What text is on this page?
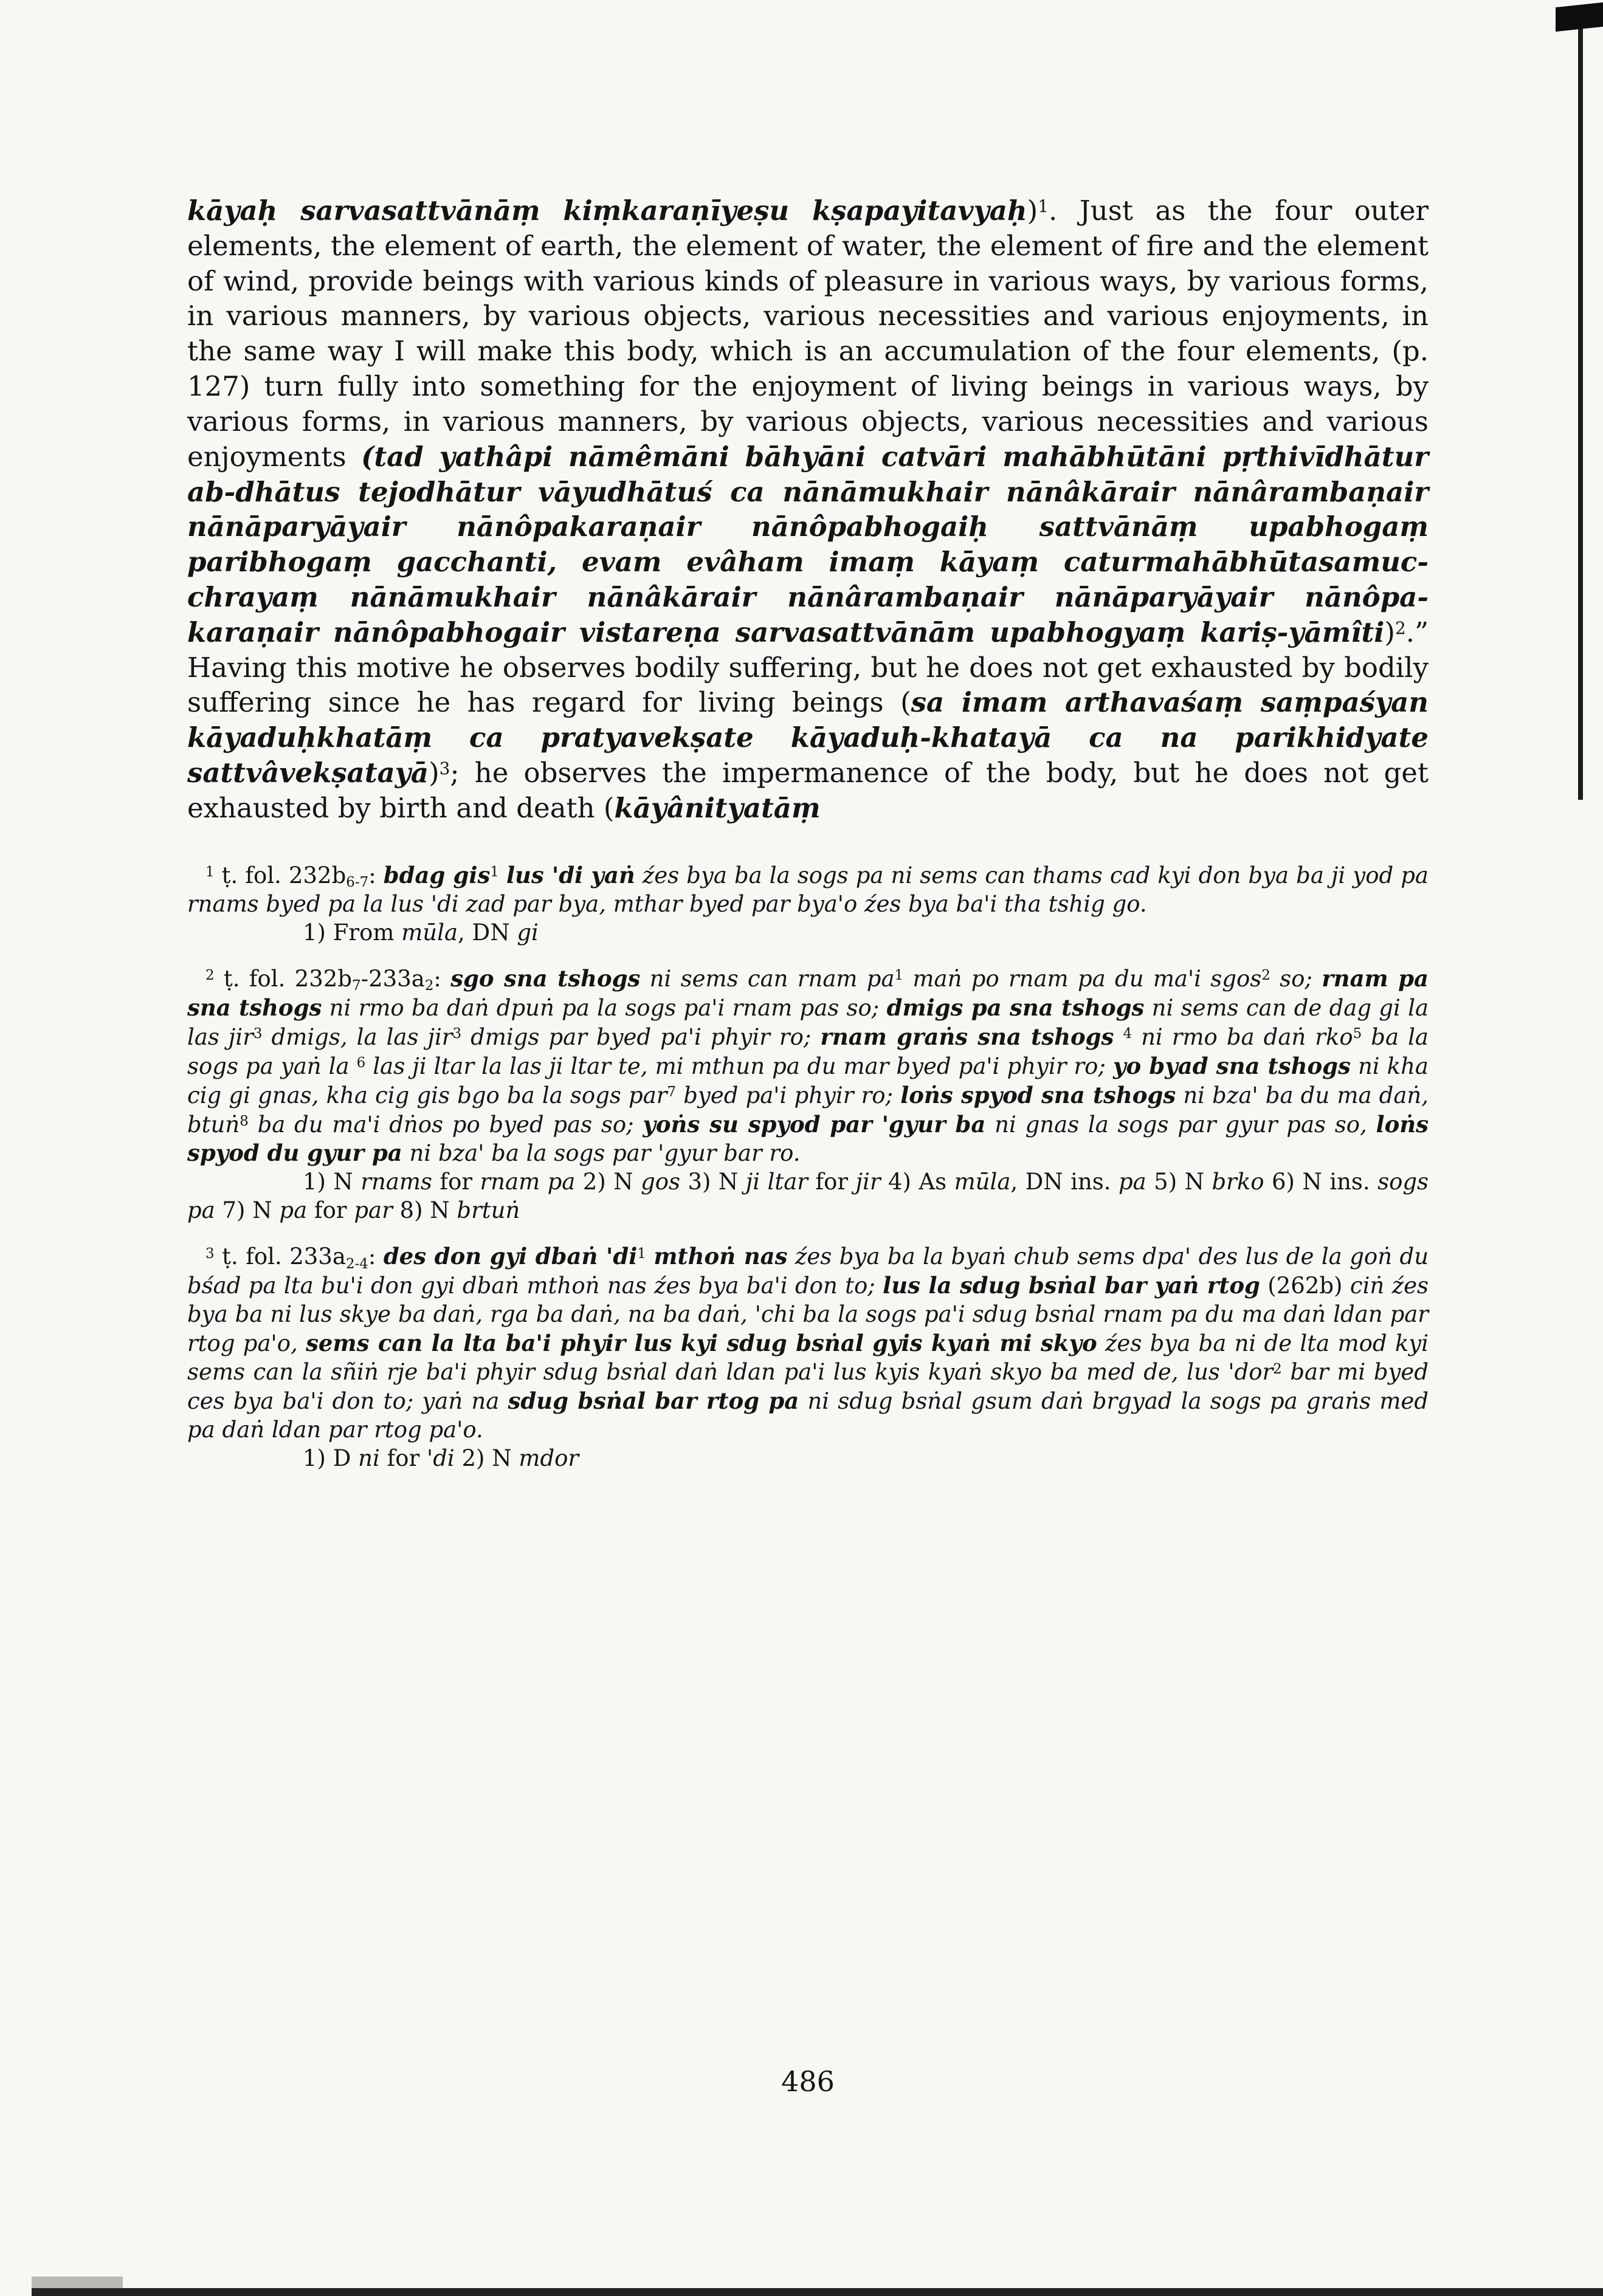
kāyaḥ sarvasattvānāṃ kiṃkaraṇīyeṣu kṣapayitavyaḥ)$^1$. Just as the four outer elements, the element of earth, the element of water, the element of fire and the element of wind, provide beings with various kinds of pleasure in various ways, by various forms, in various manners, by various objects, various necessities and various enjoyments, in the same way I will make this body, which is an accumulation of the four elements, (p. 127) turn fully into something for the enjoyment of living beings in various ways, by various forms, in various manners, by various objects, various necessities and various enjoyments (tad yathâpi nāmêmāni bāhyāni catvāri mahābhūtāni pṛthivīdhātur ab-dhātus tejodhātur vāyudhātuś ca nānāmukhair nānâkārair nānârambaṇair nānāparyāyair nānôpakaraṇair nānôpabhogaiḥ sattvānāṃ upabhogaṃ paribhogaṃ gacchanti, evam evâham imaṃ kāyaṃ caturmahābhūtasamuc-chrayaṃ nānāmukhair nānâkārair nānârambaṇair nānāparyāyair nānôpa-karaṇair nānôpabhogair vistareṇa sarvasattvānām upabhogyaṃ kariṣ-yāmîti)$^2$.” Having this motive he observes bodily suffering, but he does not get exhausted by bodily suffering since he has regard for living beings (sa imam arthavaśaṃ saṃpaśyan kāyaduḥkhatāṃ ca pratyavekṣate kāyaduḥ-khatayā ca na parikhidyate sattvâvekṣatayā)$^3$; he observes the impermanence of the body, but he does not get exhausted by birth and death (kāyânityatāṃ

$^1$ ṭ. fol. $232b_{6-7}$: bdag gis$^1$ lus 'di yaṅ źes bya ba la sogs pa ni sems can thams cad kyi don bya ba ji yod pa rnams byed pa la lus 'di zad par bya, mthar byed par bya'o źes bya ba'i tha tshig go.

1) From mūla, DN gi

$^2$ ṭ. fol. $232b_7-233a_2$: sgo sna tshogs ni sems can rnam $pa^1$ maṅ po rnam pa du ma'i sgos$^2$ so; rnam pa sna tshogs ni rmo ba daṅ dpuṅ pa la sogs pa'i rnam pas so; dmigs pa sna tshogs ni sems can de dag gi la las jir$^3$ dmigs, la las jir$^3$ dmigs par byed pa'i phyir ro; rnam graṅs sna tshogs $^4$ ni rmo ba daṅ rko$^5$ ba la sogs pa yaṅ la $^6$ las ji ltar la las ji ltar te, mi mthun pa du mar byed pa'i phyir ro; yo byad sna tshogs ni kha cig gi gnas, kha cig gis bgo ba la sogs par$^7$ byed pa'i phyir ro; loṅs spyod sna tshogs ni bza' ba du ma daṅ, btuṅ$^8$ ba du ma'i dṅos po byed pas so; yoṅs su spyod par 'gyur ba ni gnas la sogs par gyur pas so, loṅs spyod du gyur pa ni bza' ba la sogs par 'gyur bar ro.

1) N rnams for rnam pa 2) N gos 3) N ji ltar for jir 4) As mūla, DN ins. pa 5) N brko 6) N ins. sogs pa 7) N pa for par 8) N brtuṅ

$^3$ ṭ. fol. $233a_{2-4}$: des don gyi dbaṅ '$di^1$ mthoṅ nas źes bya ba la byaṅ chub sems dpa' des lus de la goṅ du bśad pa lta bu'i don gyi dbaṅ mthoṅ nas źes bya ba'i don to; lus la sdug bsṅal bar yaṅ rtog (262b) ciṅ źes bya ba ni lus skye ba daṅ, rga ba daṅ, na ba daṅ, 'chi ba la sogs pa'i sdug bsṅal rnam pa du ma daṅ ldan par rtog pa'o, sems can la lta ba'i phyir lus kyi sdug bsṅal gyis kyaṅ mi skyo źes bya ba ni de lta mod kyi sems can la sñiṅ rje ba'i phyir sdug bsṅal daṅ ldan pa'i lus kyis kyaṅ skyo ba med de, lus 'dor$^2$ bar mi byed ces bya ba'i don to; yaṅ na sdug bsṅal bar rtog pa ni sdug bsṅal gsum daṅ brgyad la sogs pa graṅs med pa daṅ ldan par rtog pa'o.

1) D ni for 'di 2) N mdor

486
